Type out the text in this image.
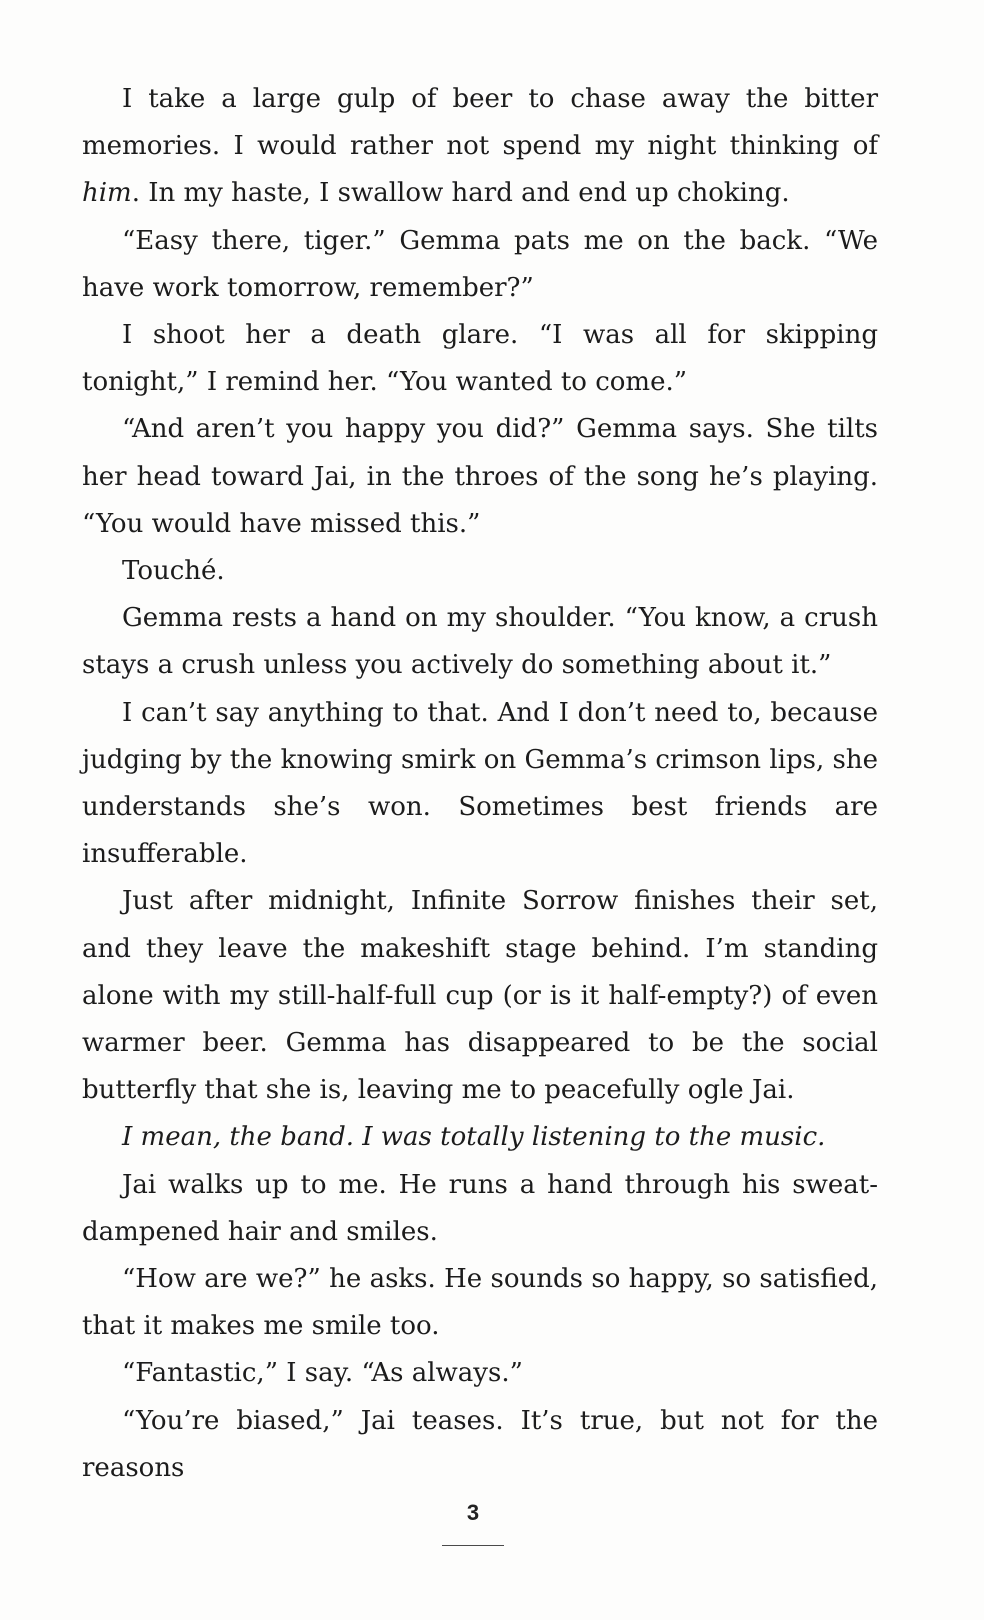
I take a large gulp of beer to chase away the bitter memories. I would rather not spend my night thinking of him. In my haste, I swallow hard and end up choking.

“Easy there, tiger.” Gemma pats me on the back. “We have work tomorrow, remember?”

I shoot her a death glare. “I was all for skipping tonight,” I remind her. “You wanted to come.”

“And aren’t you happy you did?” Gemma says. She tilts her head toward Jai, in the throes of the song he’s playing. “You would have missed this.”

Touché.

Gemma rests a hand on my shoulder. “You know, a crush stays a crush unless you actively do something about it.”

I can’t say anything to that. And I don’t need to, because judging by the knowing smirk on Gemma’s crimson lips, she understands she’s won. Sometimes best friends are insufferable.

Just after midnight, Infinite Sorrow finishes their set, and they leave the makeshift stage behind. I’m standing alone with my still-half-full cup (or is it half-empty?) of even warmer beer. Gemma has disappeared to be the social butterfly that she is, leaving me to peacefully ogle Jai.

I mean, the band. I was totally listening to the music.

Jai walks up to me. He runs a hand through his sweat-dampened hair and smiles.

“How are we?” he asks. He sounds so happy, so satisfied, that it makes me smile too.

“Fantastic,” I say. “As always.”

“You’re biased,” Jai teases. It’s true, but not for the reasons

3
